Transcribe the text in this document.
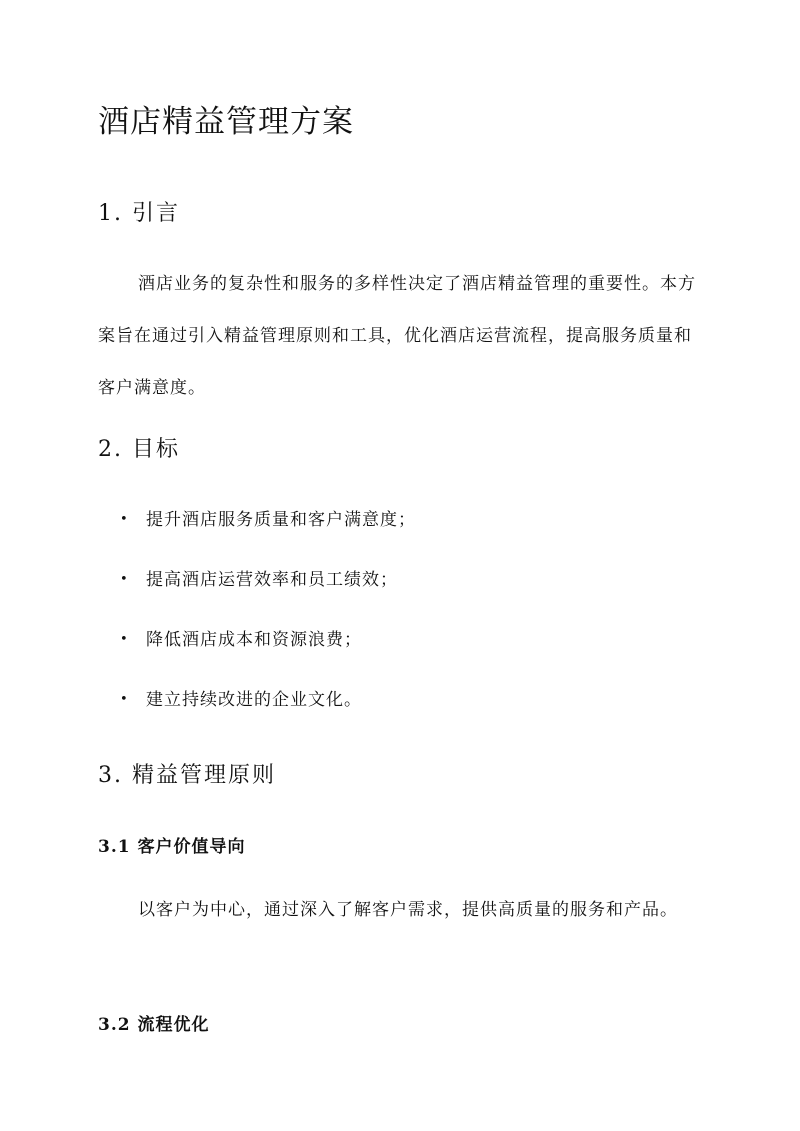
酒店精益管理方案
1. 引言

酒店业务的复杂性和服务的多样性决定了酒店精益管理的重要性。本方案旨在通过引入精益管理原则和工具，优化酒店运营流程，提高服务质量和客户满意度。

2. 目标
• 提升酒店服务质量和客户满意度；
• 提高酒店运营效率和员工绩效；
• 降低酒店成本和资源浪费；
• 建立持续改进的企业文化。
3. 精益管理原则
3.1 客户价值导向

以客户为中心，通过深入了解客户需求，提供高质量的服务和产品。

3.2 流程优化
